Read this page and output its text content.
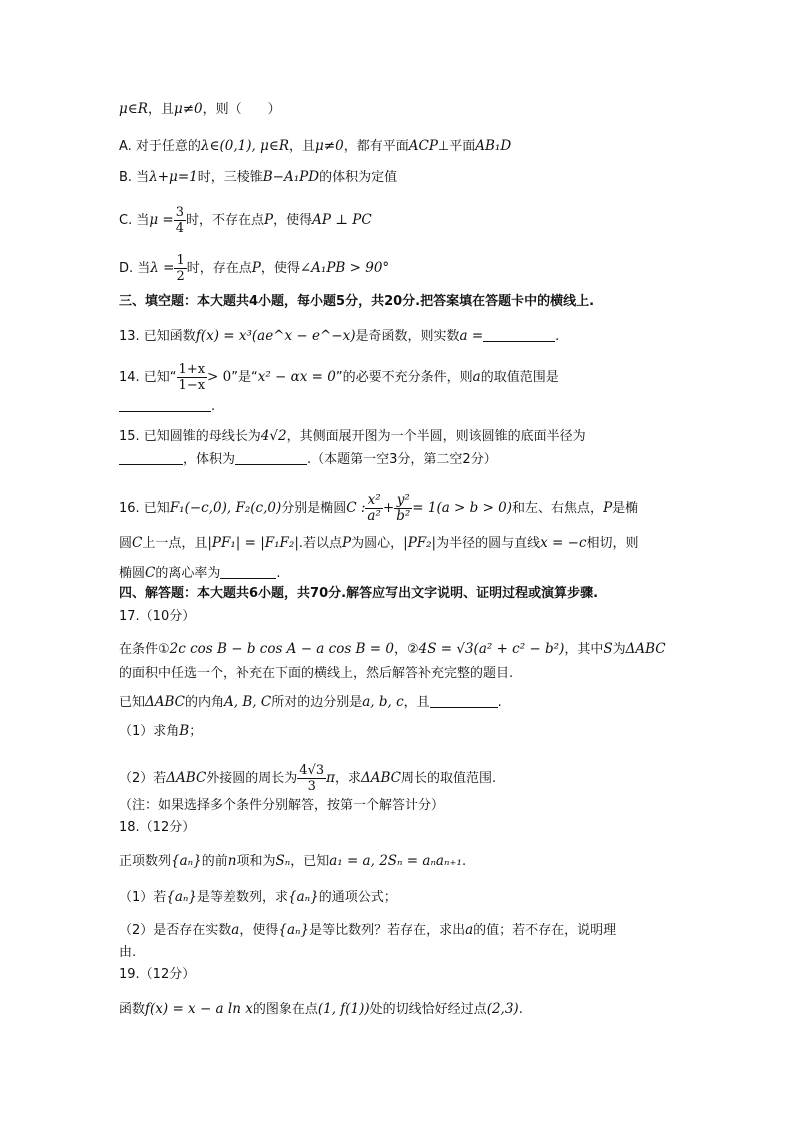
μ∈R，且μ≠0，则（　　）
A. 对于任意的λ∈(0,1), μ∈R，且μ≠0，都有平面ACP⊥平面AB₁D
B. 当λ+μ=1时，三棱锥B−A₁PD的体积为定值
C. 当$\mu = \frac{3}{4}$ 时，不存在点P，使得AP ⊥ PC
D. 当$\lambda = \frac{1}{2}$ 时，存在点P，使得∠A₁PB > 90°
三、填空题：本大题共4小题，每小题5分，共20分.把答案填在答题卡中的横线上.
13. 已知函数f(x) = x³(ae^x − e^−x)是奇函数，则实数a =	.
14. 已知“ $\frac{1+x}{1-x} > 0$”是“x² − αx = 0”的必要不充分条件，则a的取值范围是
.
15. 已知圆锥的母线长为4√2，其侧面展开图为一个半圆，则该圆锥的底面半径为
，体积为	.（本题第一空3分，第二空2分）
16. 已知F₁(−c,0), F₂(c,0)分别是椭圆C : $\frac{\text{x²}}{\text{a²}} + \frac{\text{y²}}{\text{b²}} = 1(a > b > 0)$和左、右焦点，P是椭
圆C上一点，且|PF₁| = |F₁F₂|.若以点P为圆心，|PF₂|为半径的圆与直线x = −c相切，则
椭圆C的离心率为	.
四、解答题：本大题共6小题，共70分.解答应写出文字说明、证明过程或演算步骤.
17.（10分）
在条件①2c cos B − b cos A − a cos B = 0，②4S = √3(a² + c² − b²)，其中S为ΔABC
的面积中任选一个，补充在下面的横线上，然后解答补充完整的题目.
已知ΔABC的内角A, B, C所对的边分别是a, b, c，且	.
（1）求角B；
（2）若ΔABC外接圆的周长为 $\frac{4√3}{3}$ π，求ΔABC周长的取值范围.
（注：如果选择多个条件分别解答，按第一个解答计分）
18.（12分）
正项数列{aₙ}的前n项和为Sₙ，已知a₁ = a, 2Sₙ = aₙaₙ₊₁.
（1）若{aₙ}是等差数列，求{aₙ}的通项公式；
（2）是否存在实数a，使得{aₙ}是等比数列？若存在，求出a的值；若不存在，说明理
由.
19.（12分）
函数f(x) = x − a ln x的图象在点(1, f(1))处的切线恰好经过点(2,3).
